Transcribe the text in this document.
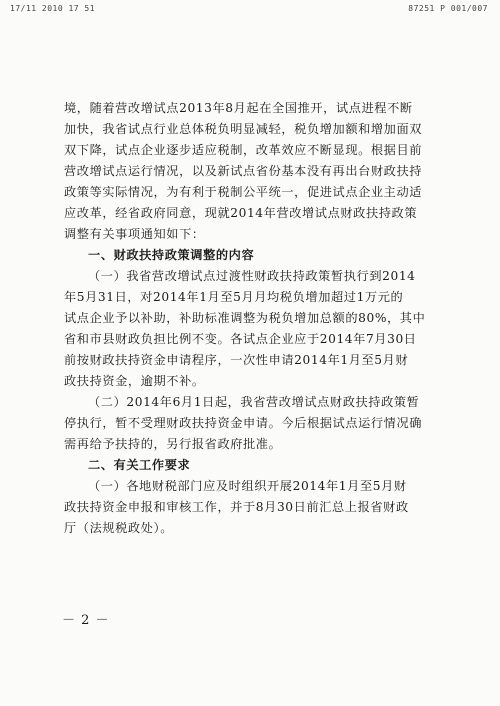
17/11 2010 17 51	87251 P 001/007
境，随着营改增试点2013年8月起在全国推开，试点进程不断
加快，我省试点行业总体税负明显减轻，税负增加额和增加面双
双下降，试点企业逐步适应税制，改革效应不断显现。根据目前
营改增试点运行情况，以及新试点省份基本没有再出台财政扶持
政策等实际情况，为有利于税制公平统一，促进试点企业主动适
应改革，经省政府同意，现就2014年营改增试点财政扶持政策
调整有关事项通知如下：
一、财政扶持政策调整的内容
（一）我省营改增试点过渡性财政扶持政策暂执行到2014
年5月31日，对2014年1月至5月月均税负增加超过1万元的
试点企业予以补助，补助标准调整为税负增加总额的80%，其中
省和市县财政负担比例不变。各试点企业应于2014年7月30日
前按财政扶持资金申请程序，一次性申请2014年1月至5月财
政扶持资金，逾期不补。
（二）2014年6月1日起，我省营改增试点财政扶持政策暂
停执行，暂不受理财政扶持资金申请。今后根据试点运行情况确
需再给予扶持的，另行报省政府批准。
二、有关工作要求
（一）各地财税部门应及时组织开展2014年1月至5月财
政扶持资金申报和审核工作，并于8月30日前汇总上报省财政
厅（法规税政处）。
－ 2 －
